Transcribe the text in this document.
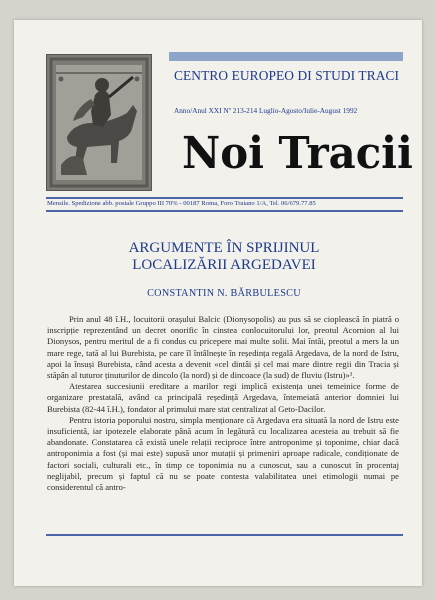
CENTRO EUROPEO DI STUDI TRACI
Anno/Anul XXI Nº 213-214 Luglio-Agosto/Iulie-August 1992
Noi Tracii
Mensile. Spedizione abb. postale Gruppo III 70% - 00187 Roma, Foro Traiano 1/A, Tel. 06/679.77.85
ARGUMENTE ÎN SPRIJINUL
LOCALIZĂRII ARGEDAVEI
CONSTANTIN N. BĂRBULESCU

Prin anul 48 î.H., locuitorii orașului Balcic (Dionysopolis) au pus să se cioplească în piatră o inscripție reprezentând un decret onorific în cinstea conlocuitorului lor, preotul Acornion al lui Dionysos, pentru meritul de a fi condus cu pricepere mai multe solii. Mai întâi, preotul a mers la un mare rege, tată al lui Burebista, pe care îl întâlnește în reședința regală Argedava, de la nord de Istru, apoi la însuși Burebista, când acesta a devenit «cel dintâi și cel mai mare dintre regii din Tracia și stăpân al tuturor ținuturilor de dincolo (la nord) și de dincoace (la sud) de fluviu (Istru)»¹.

Atestarea succesiunii ereditare a marilor regi implică existența unei temeinice forme de organizare prestatală, având ca principală reședință Argedava, întemeiată anterior domniei lui Burebista (82-44 î.H.), fondator al primului mare stat centralizat al Geto-Dacilor.

Pentru istoria poporului nostru, simpla menționare că Argedava era situată la nord de Istru este insuficientă, iar ipotezele elaborate până acum în legătură cu localizarea acesteia au trebuit să fie abandonate. Constatarea că există unele relații reciproce între antroponime și toponime, chiar dacă antroponimia a fost (și mai este) supusă unor mutații și primeniri aproape radicale, condiționate de factori sociali, culturali etc., în timp ce toponimia nu a cunoscut, sau a cunoscut în procentaj neglijabil, precum și faptul că nu se poate contesta valabilitatea unei etimologii numai pe considerentul că antro-
